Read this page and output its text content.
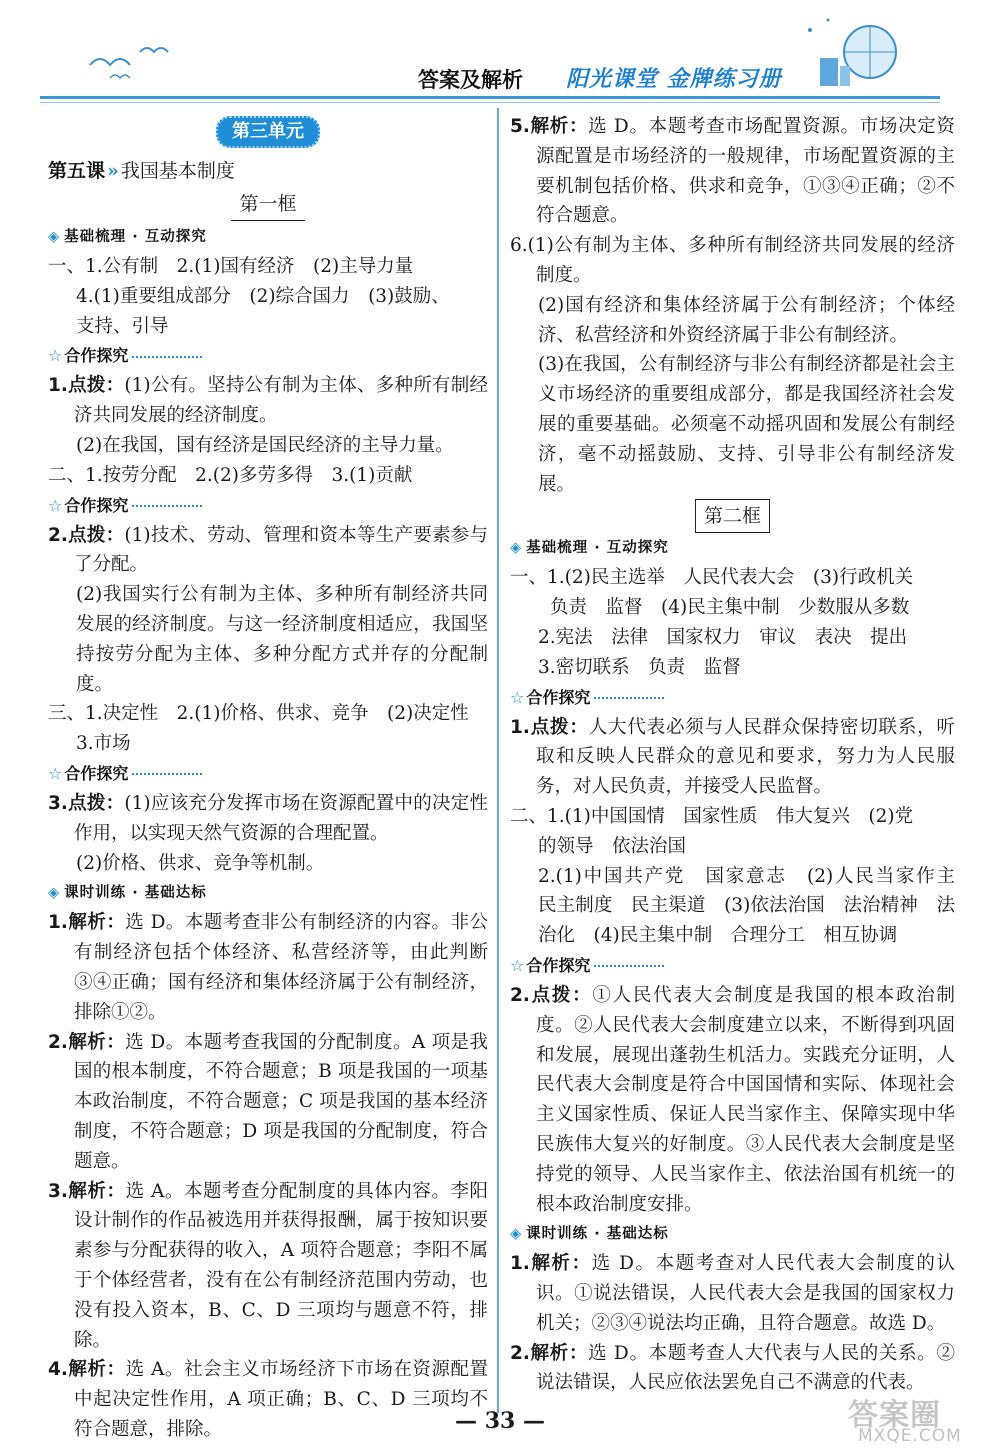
答案及解析 阳光课堂 金牌练习册
第三单元
第五课 » 我国基本制度
第一框
◈ 基础梳理 · 互动探究

一、1.公有制　2.(1)国有经济　(2)主导力量

4.(1)重要组成部分　(2)综合国力　(3)鼓励、

支持、引导

☆ 合作探究

1.点拨：(1)公有。坚持公有制为主体、多种所有制经济共同发展的经济制度。

(2)在我国，国有经济是国民经济的主导力量。

二、1.按劳分配　2.(2)多劳多得　3.(1)贡献

☆ 合作探究

2.点拨：(1)技术、劳动、管理和资本等生产要素参与了分配。

(2)我国实行公有制为主体、多种所有制经济共同发展的经济制度。与这一经济制度相适应，我国坚持按劳分配为主体、多种分配方式并存的分配制度。

三、1.决定性　2.(1)价格、供求、竞争　(2)决定性

3.市场

☆ 合作探究

3.点拨：(1)应该充分发挥市场在资源配置中的决定性作用，以实现天然气资源的合理配置。

(2)价格、供求、竞争等机制。

◈ 课时训练 · 基础达标

1.解析：选 D。本题考查非公有制经济的内容。非公有制经济包括个体经济、私营经济等，由此判断③④正确；国有经济和集体经济属于公有制经济，排除①②。

2.解析：选 D。本题考查我国的分配制度。A 项是我国的根本制度，不符合题意；B 项是我国的一项基本政治制度，不符合题意；C 项是我国的基本经济制度，不符合题意；D 项是我国的分配制度，符合题意。

3.解析：选 A。本题考查分配制度的具体内容。李阳设计制作的作品被选用并获得报酬，属于按知识要素参与分配获得的收入，A 项符合题意；李阳不属于个体经营者，没有在公有制经济范围内劳动，也没有投入资本，B、C、D 三项均与题意不符，排除。

4.解析：选 A。社会主义市场经济下市场在资源配置中起决定性作用，A 项正确；B、C、D 三项均不符合题意，排除。

5.解析：选 D。本题考查市场配置资源。市场决定资源配置是市场经济的一般规律，市场配置资源的主要机制包括价格、供求和竞争，①③④正确；②不符合题意。

6.(1)公有制为主体、多种所有制经济共同发展的经济制度。

(2)国有经济和集体经济属于公有制经济；个体经济、私营经济和外资经济属于非公有制经济。

(3)在我国，公有制经济与非公有制经济都是社会主义市场经济的重要组成部分，都是我国经济社会发展的重要基础。必须毫不动摇巩固和发展公有制经济，毫不动摇鼓励、支持、引导非公有制经济发展。

第二框
◈ 基础梳理 · 互动探究

一、1.(2)民主选举　人民代表大会　(3)行政机关

负责　监督　(4)民主集中制　少数服从多数

2.宪法　法律　国家权力　审议　表决　提出

3.密切联系　负责　监督

☆ 合作探究

1.点拨：人大代表必须与人民群众保持密切联系，听取和反映人民群众的意见和要求，努力为人民服务，对人民负责，并接受人民监督。

二、1.(1)中国国情　国家性质　伟大复兴　(2)党

的领导　依法治国

2.(1)中国共产党　国家意志　(2)人民当家作主　民主制度　民主渠道　(3)依法治国　法治精神　法治化　(4)民主集中制　合理分工　相互协调

☆ 合作探究

2.点拨：①人民代表大会制度是我国的根本政治制度。②人民代表大会制度建立以来，不断得到巩固和发展，展现出蓬勃生机活力。实践充分证明，人民代表大会制度是符合中国国情和实际、体现社会主义国家性质、保证人民当家作主、保障实现中华民族伟大复兴的好制度。③人民代表大会制度是坚持党的领导、人民当家作主、依法治国有机统一的根本政治制度安排。

◈ 课时训练 · 基础达标

1.解析：选 D。本题考查对人民代表大会制度的认识。①说法错误，人民代表大会是我国的国家权力机关；②③④说法均正确，且符合题意。故选 D。

2.解析：选 D。本题考查人大代表与人民的关系。②说法错误，人民应依法罢免自己不满意的代表。

— 33 —	答案圈
MXQE.COM
